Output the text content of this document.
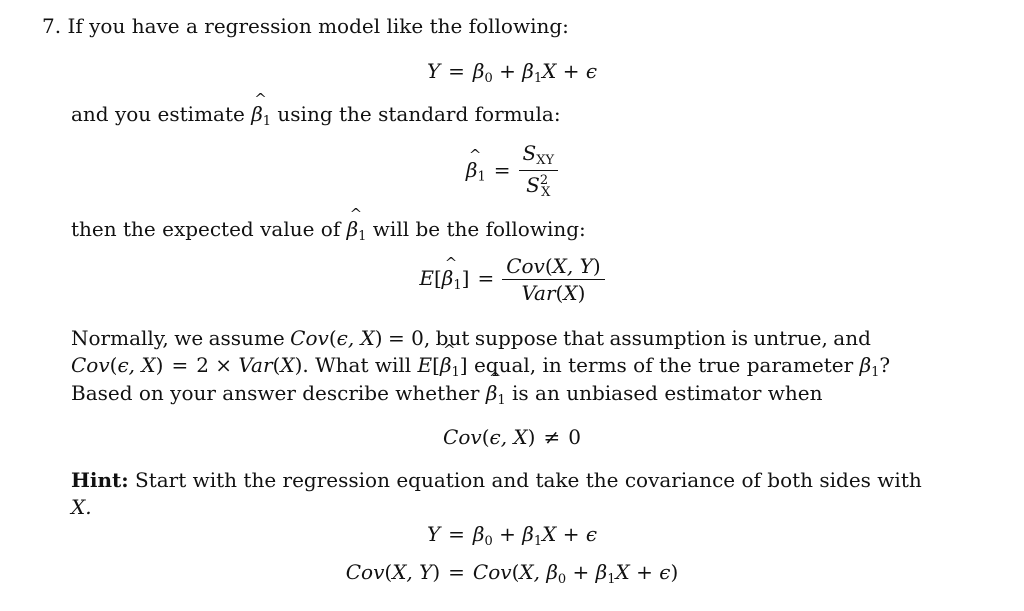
7. If you have a regression model like the following:
$Y = \beta_0 + \beta_1X + \epsilon$
and you estimate ^ $\beta_1$ using the standard formula:
^ $\beta_1 = \frac{S_{XY}}{S^2_X}$
then the expected value of ^ $\beta_1$ will be the following:
E[^ $\beta_1] = \frac{\text{Cov(X, Y)}}{\text{Var(X)}}$
Normally, we assume Cov(ϵ, X) = 0, but suppose that assumption is untrue, and
Cov(ϵ, X) = 2 × Var(X). What will E[^ $\beta_1$] equal, in terms of the true parameter $\beta_1$?
Based on your answer describe whether ^ $\beta_1$ is an unbiased estimator when
Cov(ϵ, X) ≠ 0
Hint: Start with the regression equation and take the covariance of both sides with
X.
$Y = \beta_0 + \beta_1X + \epsilon$
Cov(X, Y) = Cov(X, $\beta_0 + \beta_1X + \epsilon$)
